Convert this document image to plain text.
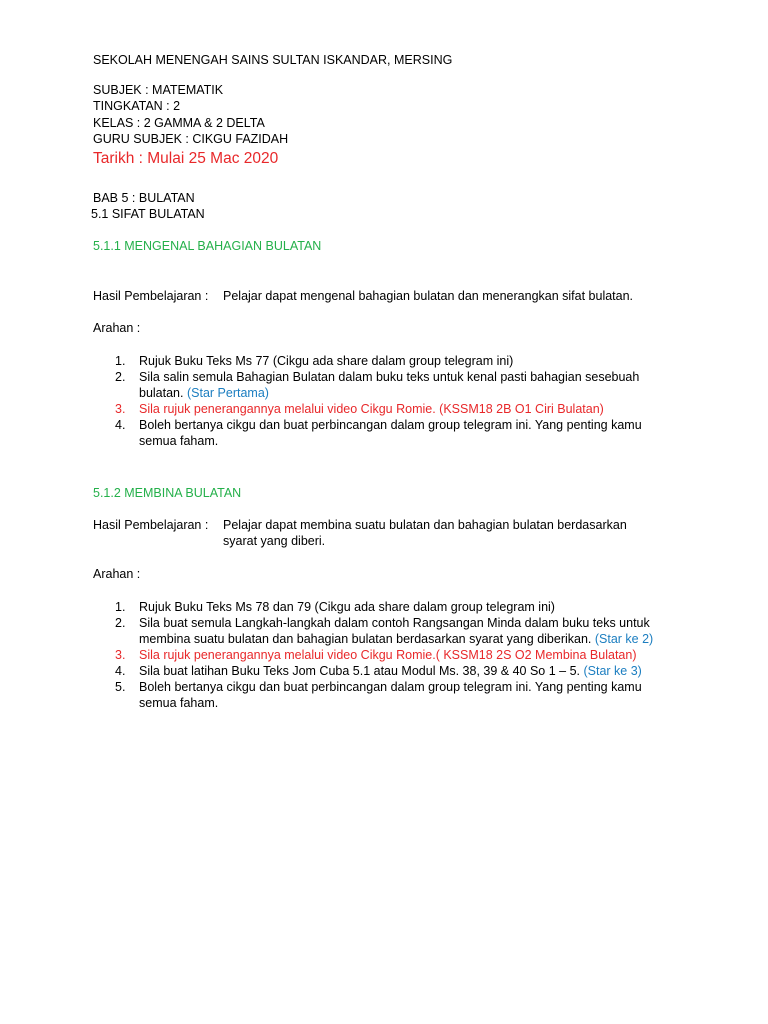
SEKOLAH MENENGAH SAINS SULTAN ISKANDAR, MERSING
SUBJEK : MATEMATIK
TINGKATAN : 2
KELAS : 2 GAMMA & 2 DELTA
GURU SUBJEK : CIKGU FAZIDAH
Tarikh : Mulai 25 Mac 2020
BAB 5 : BULATAN
5.1 SIFAT BULATAN
5.1.1 MENGENAL BAHAGIAN BULATAN
Hasil Pembelajaran : Pelajar dapat mengenal bahagian bulatan dan menerangkan sifat bulatan.
Arahan :
1. Rujuk Buku Teks Ms 77 (Cikgu ada share dalam group telegram ini)
2. Sila salin semula Bahagian Bulatan dalam buku teks untuk kenal pasti bahagian sesebuah
bulatan. (Star Pertama)
3. Sila rujuk penerangannya melalui video Cikgu Romie. (KSSM18 2B O1 Ciri Bulatan)
4. Boleh bertanya cikgu dan buat perbincangan dalam group telegram ini. Yang penting kamu
semua faham.
5.1.2 MEMBINA BULATAN
Hasil Pembelajaran : Pelajar dapat membina suatu bulatan dan bahagian bulatan berdasarkan
syarat yang diberi.
Arahan :
1. Rujuk Buku Teks Ms 78 dan 79 (Cikgu ada share dalam group telegram ini)
2. Sila buat semula Langkah-langkah dalam contoh Rangsangan Minda dalam buku teks untuk
membina suatu bulatan dan bahagian bulatan berdasarkan syarat yang diberikan. (Star ke 2)
3. Sila rujuk penerangannya melalui video Cikgu Romie.( KSSM18 2S O2 Membina Bulatan)
4. Sila buat latihan Buku Teks Jom Cuba 5.1 atau Modul Ms. 38, 39 & 40 So 1 – 5. (Star ke 3)
5. Boleh bertanya cikgu dan buat perbincangan dalam group telegram ini. Yang penting kamu
semua faham.
